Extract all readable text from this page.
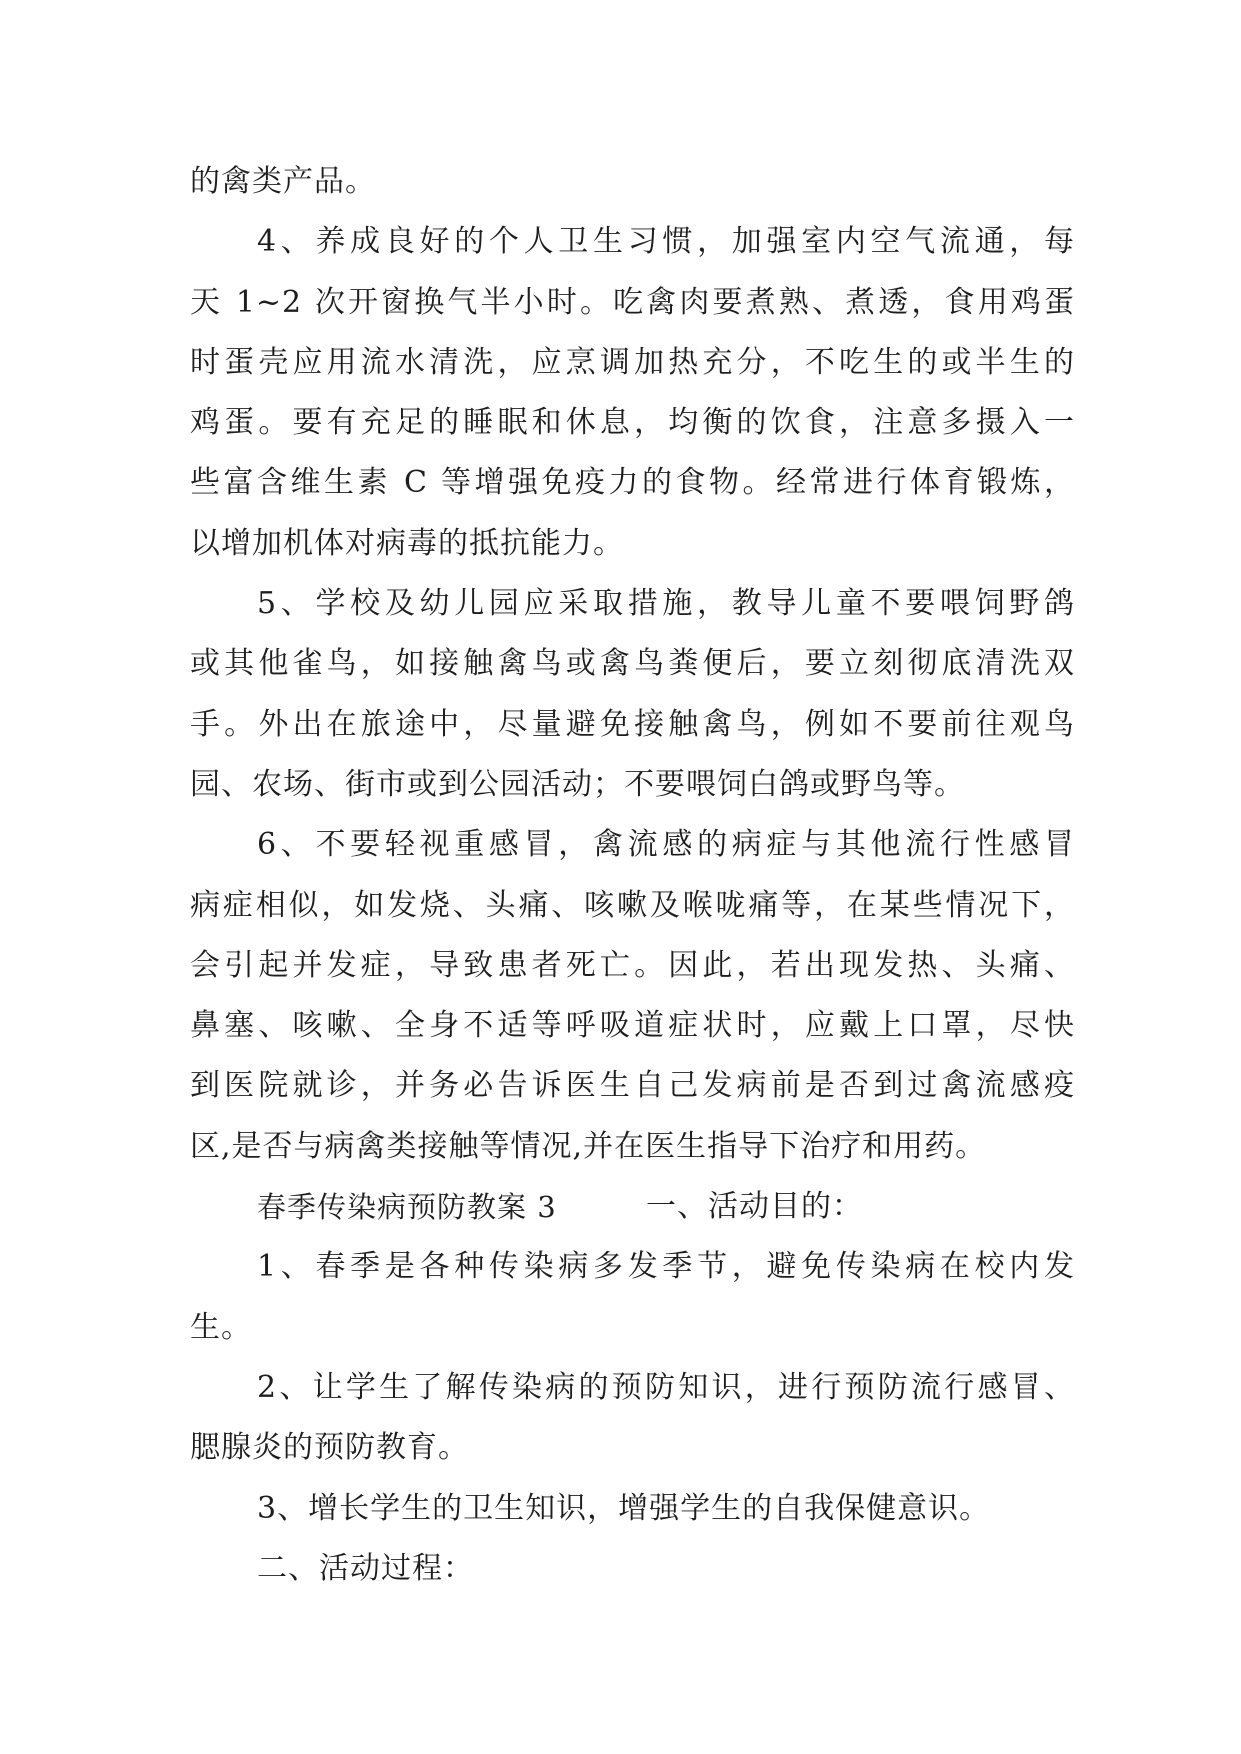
的禽类产品。
4、养成良好的个人卫生习惯，加强室内空气流通，每
天 1~2 次开窗换气半小时。吃禽肉要煮熟、煮透，食用鸡蛋
时蛋壳应用流水清洗，应烹调加热充分，不吃生的或半生的
鸡蛋。要有充足的睡眠和休息，均衡的饮食，注意多摄入一
些富含维生素 C 等增强免疫力的食物。经常进行体育锻炼，
以增加机体对病毒的抵抗能力。
5、学校及幼儿园应采取措施，教导儿童不要喂饲野鸽
或其他雀鸟，如接触禽鸟或禽鸟粪便后，要立刻彻底清洗双
手。外出在旅途中，尽量避免接触禽鸟，例如不要前往观鸟
园、农场、街市或到公园活动；不要喂饲白鸽或野鸟等。
6、不要轻视重感冒，禽流感的病症与其他流行性感冒
病症相似，如发烧、头痛、咳嗽及喉咙痛等，在某些情况下，
会引起并发症，导致患者死亡。因此，若出现发热、头痛、
鼻塞、咳嗽、全身不适等呼吸道症状时，应戴上口罩，尽快
到医院就诊，并务必告诉医生自己发病前是否到过禽流感疫
区,是否与病禽类接触等情况,并在医生指导下治疗和用药。
春季传染病预防教案 3	一、活动目的：
1、春季是各种传染病多发季节，避免传染病在校内发
生。
2、让学生了解传染病的预防知识，进行预防流行感冒、
腮腺炎的预防教育。
3、增长学生的卫生知识，增强学生的自我保健意识。
二、活动过程：
